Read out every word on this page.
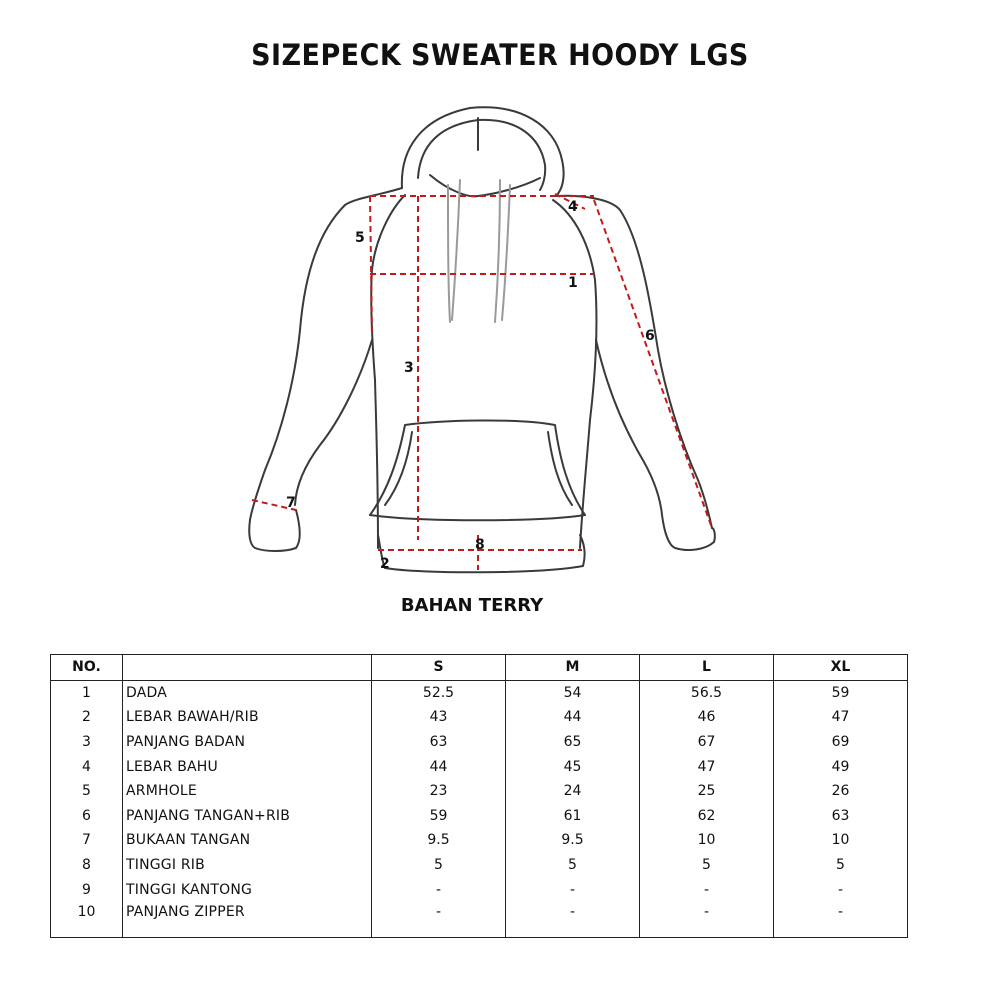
SIZEPECK SWEATER HOODY LGS
1
2
3
4
5
6
7
8
BAHAN TERRY
NO.		S	M	L	XL
1	DADA	52.5	54	56.5	59
2	LEBAR BAWAH/RIB	43	44	46	47
3	PANJANG BADAN	63	65	67	69
4	LEBAR BAHU	44	45	47	49
5	ARMHOLE	23	24	25	26
6	PANJANG TANGAN+RIB	59	61	62	63
7	BUKAAN TANGAN	9.5	9.5	10	10
8	TINGGI RIB	5	5	5	5
9	TINGGI KANTONG	-	-	-	-
10	PANJANG ZIPPER	-	-	-	-
